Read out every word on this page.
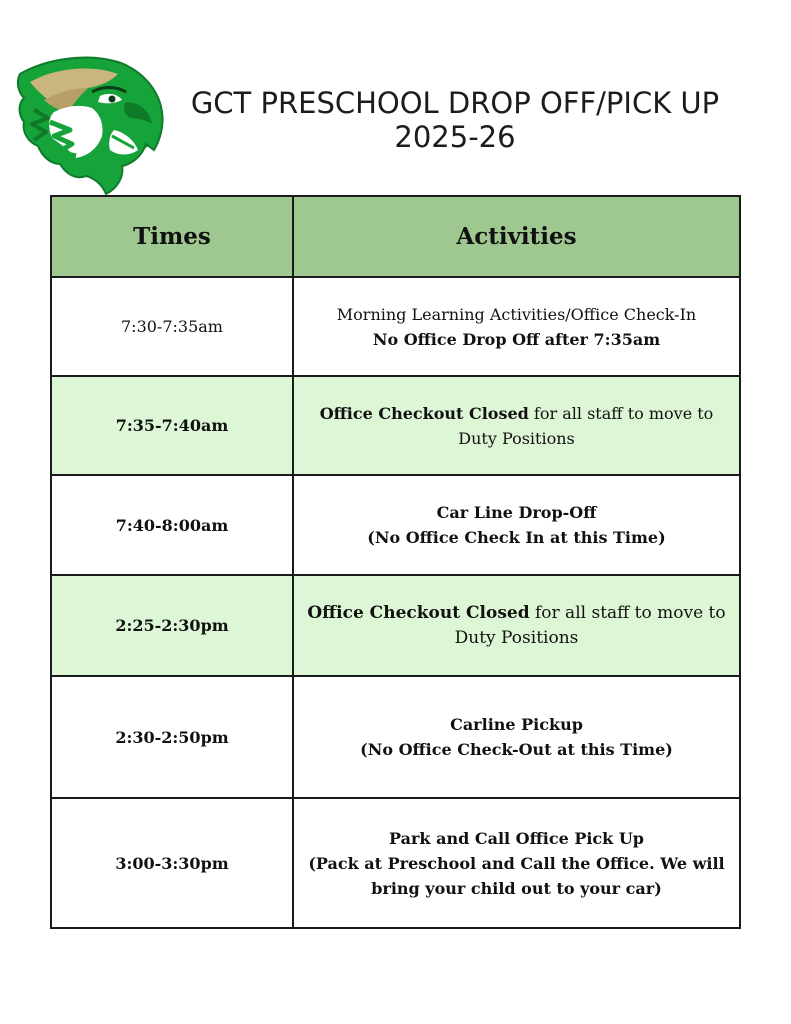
GCT PRESCHOOL DROP OFF/PICK UP
2025-26
Times	Activities
7:30-7:35am	Morning Learning Activities/Office Check-In
No Office Drop Off after 7:35am

7:35-7:40am	Office Checkout Closed for all staff to move to Duty Positions
7:40-8:00am	Car Line Drop-Off
(No Office Check In at this Time)

2:25-2:30pm	Office Checkout Closed for all staff to move to Duty Positions
2:30-2:50pm	Carline Pickup
(No Office Check-Out at this Time)

3:00-3:30pm	Park and Call Office Pick Up
(Pack at Preschool and Call the Office. We will bring your child out to your car)
